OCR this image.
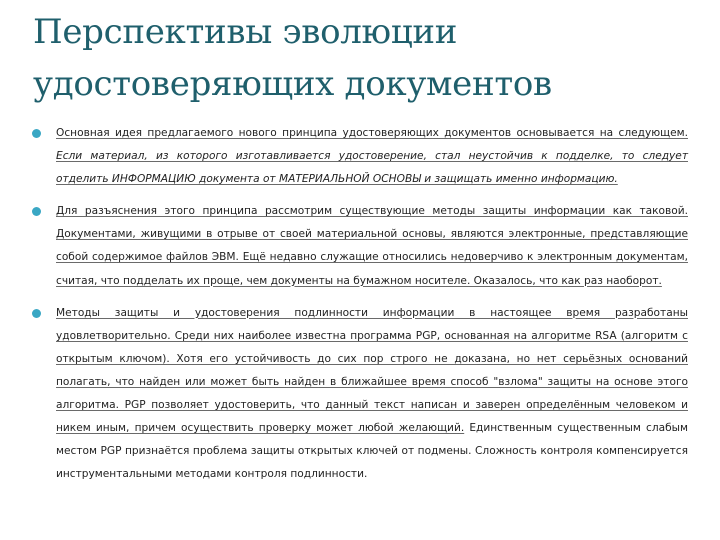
Перспективы эволюции
удостоверяющих документов
Основная идея предлагаемого нового принципа удостоверяющих документов основывается на следующем. Если материал, из которого изготавливается удостоверение, стал неустойчив к подделке, то следует отделить ИНФОРМАЦИЮ документа от МАТЕРИАЛЬНОЙ ОСНОВЫ и защищать именно информацию.
Для разъяснения этого принципа рассмотрим существующие методы защиты информации как таковой. Документами, живущими в отрыве от своей материальной основы, являются электронные, представляющие собой содержимое файлов ЭВМ. Ещё недавно служащие относились недоверчиво к электронным документам, считая, что подделать их проще, чем документы на бумажном носителе. Оказалось, что как раз наоборот.
Методы защиты и удостоверения подлинности информации в настоящее время разработаны удовлетворительно. Среди них наиболее известна программа PGP, основанная на алгоритме RSA (алгоритм с открытым ключом). Хотя его устойчивость до сих пор строго не доказана, но нет серьёзных оснований полагать, что найден или может быть найден в ближайшее время способ "взлома" защиты на основе этого алгоритма. PGP позволяет удостоверить, что данный текст написан и заверен определённым человеком и никем иным, причем осуществить проверку может любой желающий. Единственным существенным слабым местом PGP признаётся проблема защиты открытых ключей от подмены. Сложность контроля компенсируется инструментальными методами контроля подлинности.
